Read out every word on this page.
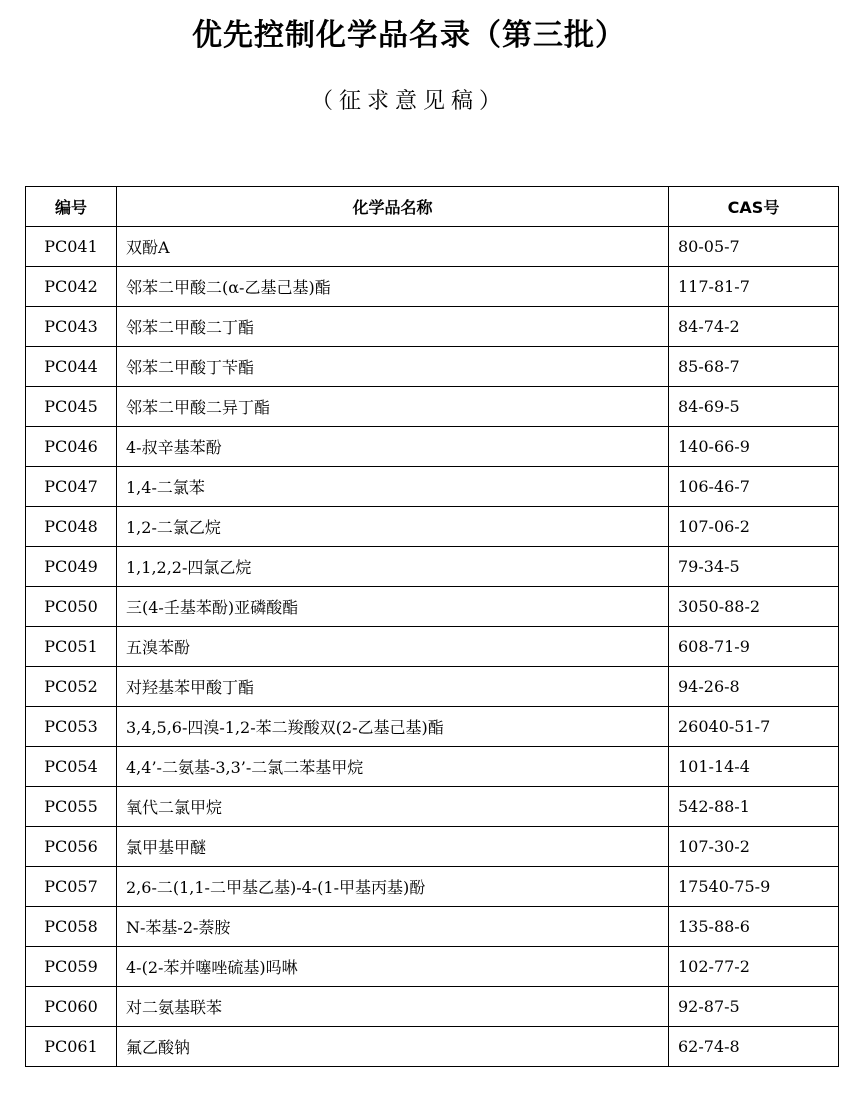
优先控制化学品名录（第三批）
（征求意见稿）
编号	化学品名称	CAS号
PC041	双酚A	80-05-7
PC042	邻苯二甲酸二(α-乙基己基)酯	117-81-7
PC043	邻苯二甲酸二丁酯	84-74-2
PC044	邻苯二甲酸丁苄酯	85-68-7
PC045	邻苯二甲酸二异丁酯	84-69-5
PC046	4-叔辛基苯酚	140-66-9
PC047	1,4-二氯苯	106-46-7
PC048	1,2-二氯乙烷	107-06-2
PC049	1,1,2,2-四氯乙烷	79-34-5
PC050	三(4-壬基苯酚)亚磷酸酯	3050-88-2
PC051	五溴苯酚	608-71-9
PC052	对羟基苯甲酸丁酯	94-26-8
PC053	3,4,5,6-四溴-1,2-苯二羧酸双(2-乙基己基)酯	26040-51-7
PC054	4,4’-二氨基-3,3’-二氯二苯基甲烷	101-14-4
PC055	氧代二氯甲烷	542-88-1
PC056	氯甲基甲醚	107-30-2
PC057	2,6-二(1,1-二甲基乙基)-4-(1-甲基丙基)酚	17540-75-9
PC058	N-苯基-2-萘胺	135-88-6
PC059	4-(2-苯并噻唑硫基)吗啉	102-77-2
PC060	对二氨基联苯	92-87-5
PC061	氟乙酸钠	62-74-8
